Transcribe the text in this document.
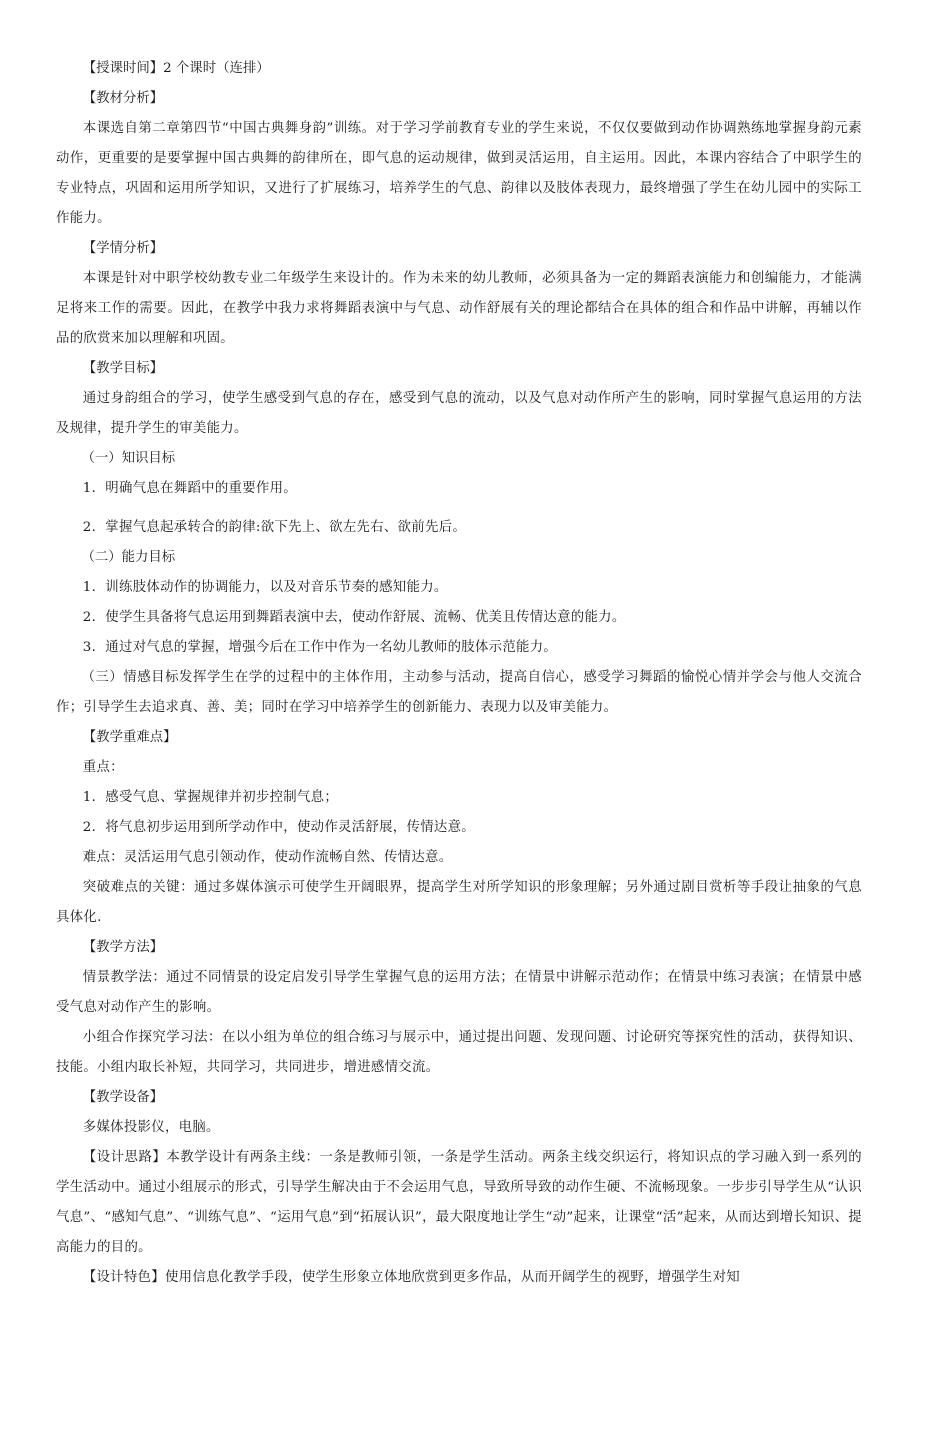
【授课时间】2 个课时（连排）

【教材分析】

本课选自第二章第四节“中国古典舞身韵”训练。对于学习学前教育专业的学生来说，不仅仅要做到动作协调熟练地掌握身韵元素动作，更重要的是要掌握中国古典舞的韵律所在，即气息的运动规律，做到灵活运用，自主运用。因此，本课内容结合了中职学生的专业特点，巩固和运用所学知识，又进行了扩展练习，培养学生的气息、韵律以及肢体表现力，最终增强了学生在幼儿园中的实际工作能力。

【学情分析】

本课是针对中职学校幼教专业二年级学生来设计的。作为未来的幼儿教师，必须具备为一定的舞蹈表演能力和创编能力，才能满足将来工作的需要。因此，在教学中我力求将舞蹈表演中与气息、动作舒展有关的理论都结合在具体的组合和作品中讲解，再辅以作品的欣赏来加以理解和巩固。

【教学目标】

通过身韵组合的学习，使学生感受到气息的存在，感受到气息的流动，以及气息对动作所产生的影响，同时掌握气息运用的方法及规律，提升学生的审美能力。

（一）知识目标

1．明确气息在舞蹈中的重要作用。

2．掌握气息起承转合的韵律:欲下先上、欲左先右、欲前先后。

（二）能力目标

1．训练肢体动作的协调能力，以及对音乐节奏的感知能力。

2．使学生具备将气息运用到舞蹈表演中去，使动作舒展、流畅、优美且传情达意的能力。

3．通过对气息的掌握，增强今后在工作中作为一名幼儿教师的肢体示范能力。

（三）情感目标发挥学生在学的过程中的主体作用，主动参与活动，提高自信心，感受学习舞蹈的愉悦心情并学会与他人交流合作；引导学生去追求真、善、美；同时在学习中培养学生的创新能力、表现力以及审美能力。

【教学重难点】

重点：

1．感受气息、掌握规律并初步控制气息；

2．将气息初步运用到所学动作中，使动作灵活舒展，传情达意。

难点：灵活运用气息引领动作，使动作流畅自然、传情达意。

突破难点的关键：通过多媒体演示可使学生开阔眼界，提高学生对所学知识的形象理解；另外通过剧目赏析等手段让抽象的气息具体化.

【教学方法】

情景教学法：通过不同情景的设定启发引导学生掌握气息的运用方法；在情景中讲解示范动作；在情景中练习表演；在情景中感受气息对动作产生的影响。

小组合作探究学习法：在以小组为单位的组合练习与展示中，通过提出问题、发现问题、讨论研究等探究性的活动，获得知识、技能。小组内取长补短，共同学习，共同进步，增进感情交流。

【教学设备】

多媒体投影仪，电脑。

【设计思路】本教学设计有两条主线：一条是教师引领，一条是学生活动。两条主线交织运行，将知识点的学习融入到一系列的学生活动中。通过小组展示的形式，引导学生解决由于不会运用气息，导致所导致的动作生硬、不流畅现象。一步步引导学生从“认识气息”、“感知气息”、“训练气息”、“运用气息”到“拓展认识”，最大限度地让学生“动”起来，让课堂“活”起来，从而达到增长知识、提高能力的目的。

【设计特色】使用信息化教学手段，使学生形象立体地欣赏到更多作品，从而开阔学生的视野，增强学生对知
